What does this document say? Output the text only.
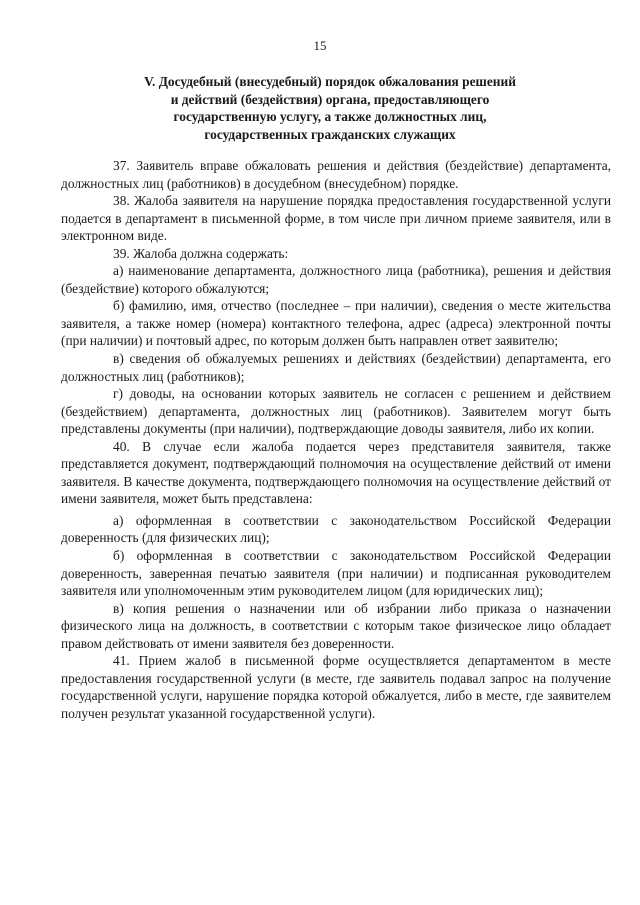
15
V. Досудебный (внесудебный) порядок обжалования решений
и действий (бездействия) органа, предоставляющего
государственную услугу, а также должностных лиц,
государственных гражданских служащих

37. Заявитель вправе обжаловать решения и действия (бездействие) департамента, должностных лиц (работников) в досудебном (внесудебном) порядке.

38. Жалоба заявителя на нарушение порядка предоставления государственной услуги подается в департамент в письменной форме, в том числе при личном приеме заявителя, или в электронном виде.

39. Жалоба должна содержать:

а) наименование департамента, должностного лица (работника), решения и действия (бездействие) которого обжалуются;

б) фамилию, имя, отчество (последнее – при наличии), сведения о месте жительства заявителя, а также номер (номера) контактного телефона, адрес (адреса) электронной почты (при наличии) и почтовый адрес, по которым должен быть направлен ответ заявителю;

в) сведения об обжалуемых решениях и действиях (бездействии) департамента, его должностных лиц (работников);

г) доводы, на основании которых заявитель не согласен с решением и действием (бездействием) департамента, должностных лиц (работников). Заявителем могут быть представлены документы (при наличии), подтверждающие доводы заявителя, либо их копии.

40. В случае если жалоба подается через представителя заявителя, также представляется документ, подтверждающий полномочия на осуществление действий от имени заявителя. В качестве документа, подтверждающего полномочия на осуществление действий от имени заявителя, может быть представлена:

а) оформленная в соответствии с законодательством Российской Федерации доверенность (для физических лиц);

б) оформленная в соответствии с законодательством Российской Федерации доверенность, заверенная печатью заявителя (при наличии) и подписанная руководителем заявителя или уполномоченным этим руководителем лицом (для юридических лиц);

в) копия решения о назначении или об избрании либо приказа о назначении физического лица на должность, в соответствии с которым такое физическое лицо обладает правом действовать от имени заявителя без доверенности.

41. Прием жалоб в письменной форме осуществляется департаментом в месте предоставления государственной услуги (в месте, где заявитель подавал запрос на получение государственной услуги, нарушение порядка которой обжалуется, либо в месте, где заявителем получен результат указанной государственной услуги).
